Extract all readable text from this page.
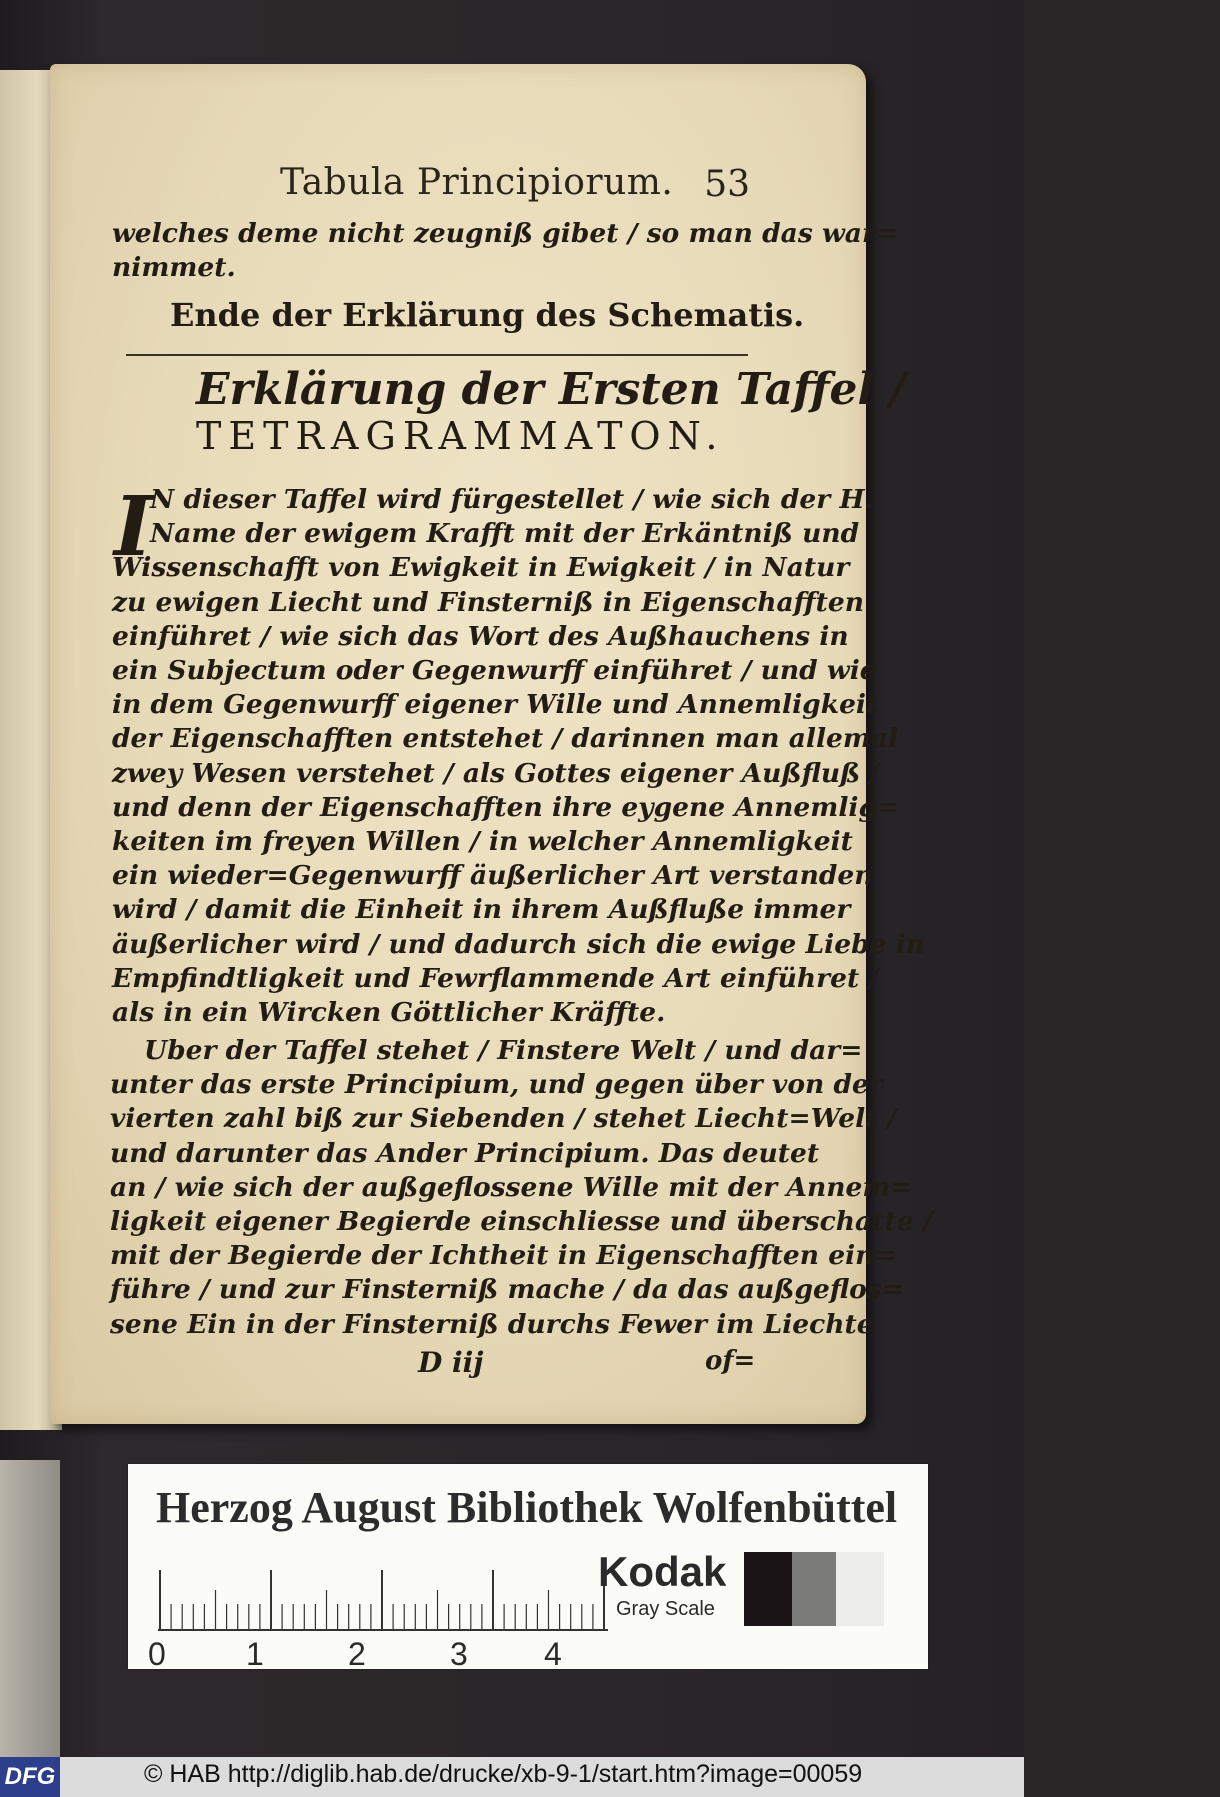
Tabula Principiorum. 53
welches deme nicht zeugniß gibet / so man das war=
nimmet.
Ende der Erklärung des Schematis.
Erklärung der Ersten Taffel /
TETRAGRAMMATON.
I
N dieser Taffel wird fürgestellet / wie sich der H.
Name der ewigem Krafft mit der Erkäntniß und
Wissenschafft von Ewigkeit in Ewigkeit / in Natur
zu ewigen Liecht und Finsterniß in Eigenschafften
einführet / wie sich das Wort des Außhauchens in
ein Subjectum oder Gegenwurff einführet / und wie
in dem Gegenwurff eigener Wille und Annemligkeit
der Eigenschafften entstehet / darinnen man allemal
zwey Wesen verstehet / als Gottes eigener Außfluß /
und denn der Eigenschafften ihre eygene Annemlig=
keiten im freyen Willen / in welcher Annemligkeit
ein wieder=Gegenwurff äußerlicher Art verstanden
wird / damit die Einheit in ihrem Außfluße immer
äußerlicher wird / und dadurch sich die ewige Liebe in
Empfindtligkeit und Fewrflammende Art einführet /
als in ein Wircken Göttlicher Kräffte.
Uber der Taffel stehet / Finstere Welt / und dar=
unter das erste Principium, und gegen über von der
vierten zahl biß zur Siebenden / stehet Liecht=Welt /
und darunter das Ander Principium. Das deutet
an / wie sich der außgeflossene Wille mit der Annem=
ligkeit eigener Begierde einschliesse und überschatte /
mit der Begierde der Ichtheit in Eigenschafften ein=
führe / und zur Finsterniß mache / da das außgeflos=
sene Ein in der Finsterniß durchs Fewer im Liechte
D iij	of=
Herzog August Bibliothek Wolfenbüttel
0	1	2	3 4
Kodak
Gray Scale
DFG	© HAB http://diglib.hab.de/drucke/xb-9-1/start.htm?image=00059
